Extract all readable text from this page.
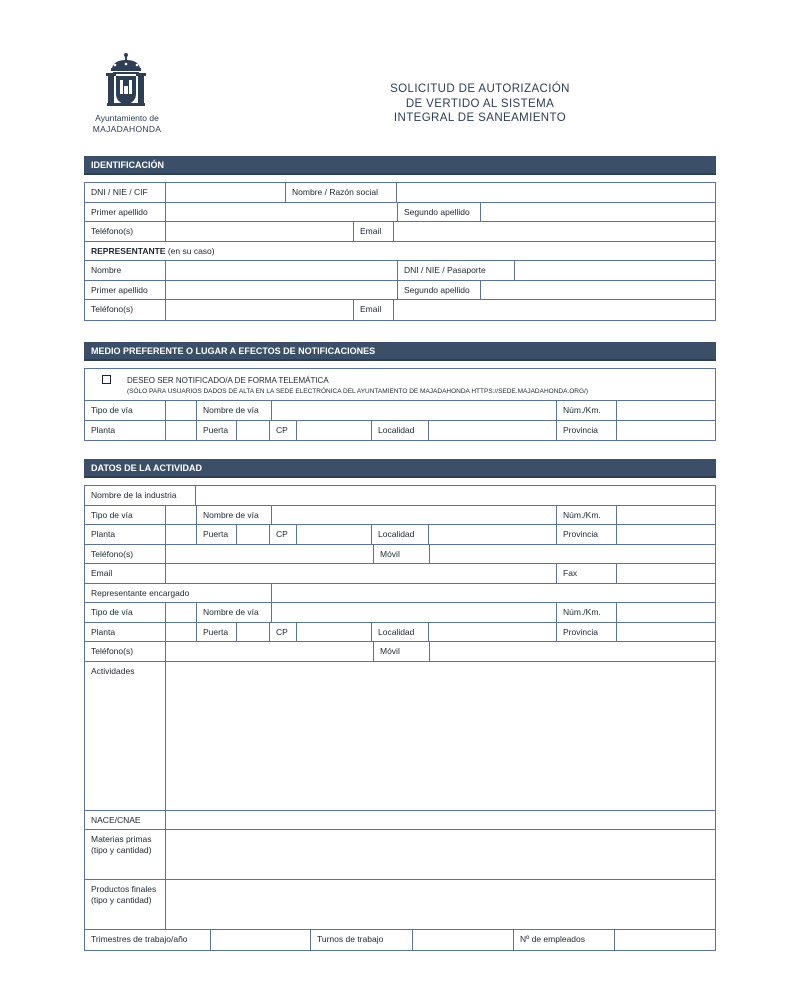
Ayuntamiento de
MAJADAHONDA
SOLICITUD DE AUTORIZACIÓN
DE VERTIDO AL SISTEMA
INTEGRAL DE SANEAMIENTO
IDENTIFICACIÓN
DNI / NIE / CIF	Nombre / Razón social
Primer apellido	Segundo apellido
Teléfono(s)	Email
REPRESENTANTE (en su caso)
Nombre	DNI / NIE / Pasaporte
Primer apellido	Segundo apellido
Teléfono(s)	Email
MEDIO PREFERENTE O LUGAR A EFECTOS DE NOTIFICACIONES
DESEO SER NOTIFICADO/A DE FORMA TELEMÁTICA
(SÓLO PARA USUARIOS DADOS DE ALTA EN LA SEDE ELECTRÓNICA DEL AYUNTAMIENTO DE MAJADAHONDA HTTPS://SEDE.MAJADAHONDA.ORG/)
Tipo de vía	Nombre de vía	Núm./Km.
Planta	Puerta	CP	Localidad	Provincia
DATOS DE LA ACTIVIDAD
Nombre de la industria
Tipo de vía	Nombre de vía	Núm./Km.
Planta	Puerta	CP	Localidad	Provincia
Teléfono(s)	Móvil
Email	Fax
Representante encargado
Tipo de vía	Nombre de vía	Núm./Km.
Planta	Puerta	CP	Localidad	Provincia
Teléfono(s)	Móvil
Actividades
NACE/CNAE
Materias primas (tipo y cantidad)
Productos finales (tipo y cantidad)
Trimestres de trabajo/año	Turnos de trabajo	Nº de empleados
